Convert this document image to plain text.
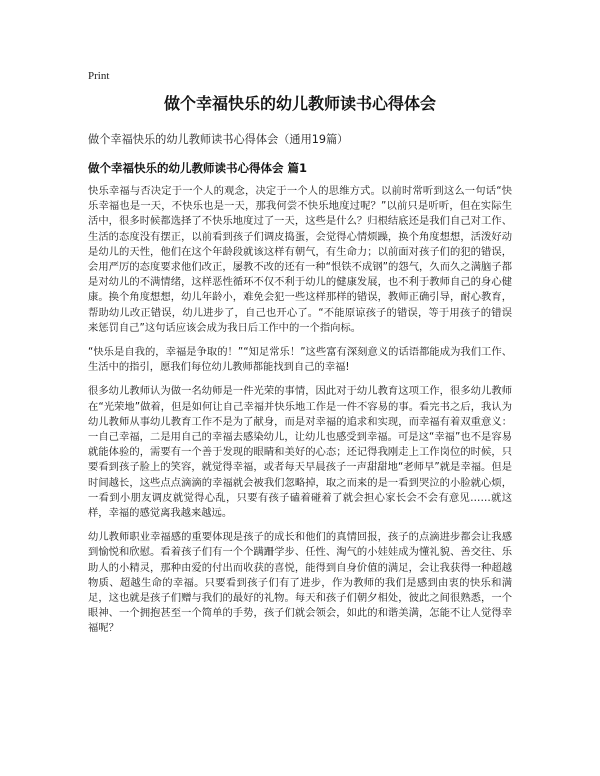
Print
做个幸福快乐的幼儿教师读书心得体会
做个幸福快乐的幼儿教师读书心得体会（通用19篇）
做个幸福快乐的幼儿教师读书心得体会 篇1

快乐幸福与否决定于一个人的观念，决定于一个人的思维方式。以前时常听到这么一句话“快乐幸福也是一天，不快乐也是一天，那我何尝不快乐地度过呢？”以前只是听听，但在实际生活中，很多时候都选择了不快乐地度过了一天，这些是什么？归根结底还是我们自己对工作、生活的态度没有摆正，以前看到孩子们调皮捣蛋，会觉得心情烦躁，换个角度想想，活泼好动是幼儿的天性，他们在这个年龄段就该这样有朝气，有生命力；以前面对孩子们的犯的错误，会用严厉的态度要求他们改正，屡教不改的还有一种“恨铁不成钢”的怨气，久而久之满脑子都是对幼儿的不满情绪，这样恶性循环不仅不利于幼儿的健康发展，也不利于教师自己的身心健康。换个角度想想，幼儿年龄小，难免会犯一些这样那样的错误，教师正确引导，耐心教育，帮助幼儿改正错误，幼儿进步了，自己也开心了。“不能原谅孩子的错误，等于用孩子的错误来惩罚自己”这句话应该会成为我日后工作中的一个指向标。

“快乐是自我的，幸福是争取的！”“知足常乐！”这些富有深刻意义的话语都能成为我们工作、生活中的指引，愿我们每位幼儿教师都能找到自己的幸福!

很多幼儿教师认为做一名幼师是一件光荣的事情，因此对于幼儿教育这项工作，很多幼儿教师在“光荣地”做着，但是如何让自己幸福并快乐地工作是一件不容易的事。看完书之后，我认为幼儿教师从事幼儿教育工作不是为了献身，而是对幸福的追求和实现，而幸福有着双重意义：一自己幸福，二是用自己的幸福去感染幼儿，让幼儿也感受到幸福。可是这“幸福”也不是容易就能体验的，需要有一个善于发现的眼睛和美好的心态；还记得我刚走上工作岗位的时候，只要看到孩子脸上的笑容，就觉得幸福，或者每天早晨孩子一声甜甜地“老师早”就是幸福。但是时间越长，这些点点滴滴的幸福就会被我们忽略掉，取之而来的是一看到哭泣的小脸就心烦，一看到小朋友调皮就觉得心乱，只要有孩子磕着碰着了就会担心家长会不会有意见……就这样，幸福的感觉离我越来越远。

幼儿教师职业幸福感的重要体现是孩子的成长和他们的真情回报，孩子的点滴进步都会让我感到愉悦和欣慰。看着孩子们有一个个蹒跚学步、任性、淘气的小娃娃成为懂礼貌、善交往、乐助人的小精灵，那种由爱的付出而收获的喜悦，能得到自身价值的满足，会让我获得一种超越物质、超越生命的幸福。只要看到孩子们有了进步，作为教师的我们是感到由衷的快乐和满足，这也就是孩子们赠与我们的最好的礼物。每天和孩子们朝夕相处，彼此之间很熟悉，一个眼神、一个拥抱甚至一个简单的手势，孩子们就会领会，如此的和谐美满，怎能不让人觉得幸福呢？
